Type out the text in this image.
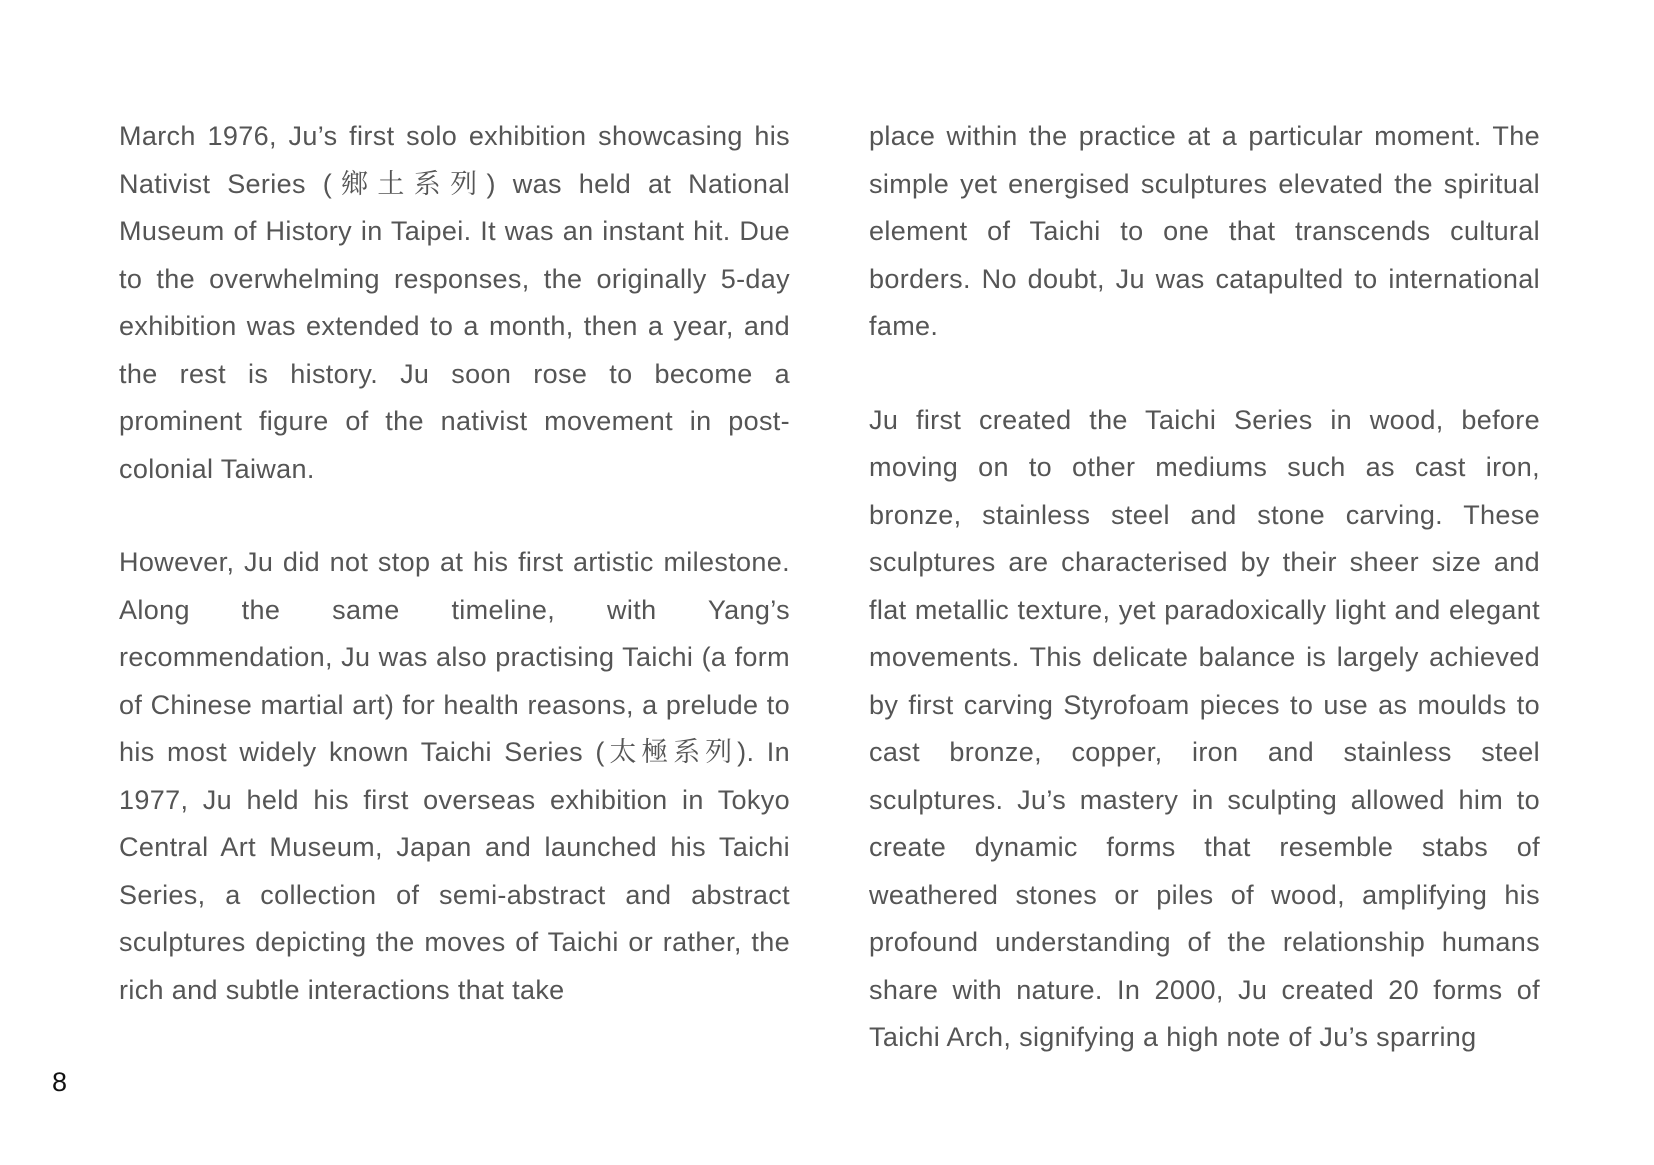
March 1976, Ju’s first solo exhibition showcasing his Nativist Series (鄉土系列) was held at National Museum of History in Taipei. It was an instant hit. Due to the overwhelming responses, the originally 5-day exhibition was extended to a month, then a year, and the rest is history. Ju soon rose to become a prominent figure of the nativist movement in post-colonial Taiwan.

However, Ju did not stop at his first artistic milestone. Along the same timeline, with Yang’s recommendation, Ju was also practising Taichi (a form of Chinese martial art) for health reasons, a prelude to his most widely known Taichi Series (太極系列). In 1977, Ju held his first overseas exhibition in Tokyo Central Art Museum, Japan and launched his Taichi Series, a collection of semi-abstract and abstract sculptures depicting the moves of Taichi or rather, the rich and subtle interactions that take

place within the practice at a particular moment. The simple yet energised sculptures elevated the spiritual element of Taichi to one that transcends cultural borders. No doubt, Ju was catapulted to international fame.

Ju first created the Taichi Series in wood, before moving on to other mediums such as cast iron, bronze, stainless steel and stone carving. These sculptures are characterised by their sheer size and flat metallic texture, yet paradoxically light and elegant movements. This delicate balance is largely achieved by first carving Styrofoam pieces to use as moulds to cast bronze, copper, iron and stainless steel sculptures. Ju’s mastery in sculpting allowed him to create dynamic forms that resemble stabs of weathered stones or piles of wood, amplifying his profound understanding of the relationship humans share with nature. In 2000, Ju created 20 forms of Taichi Arch, signifying a high note of Ju’s sparring

8
